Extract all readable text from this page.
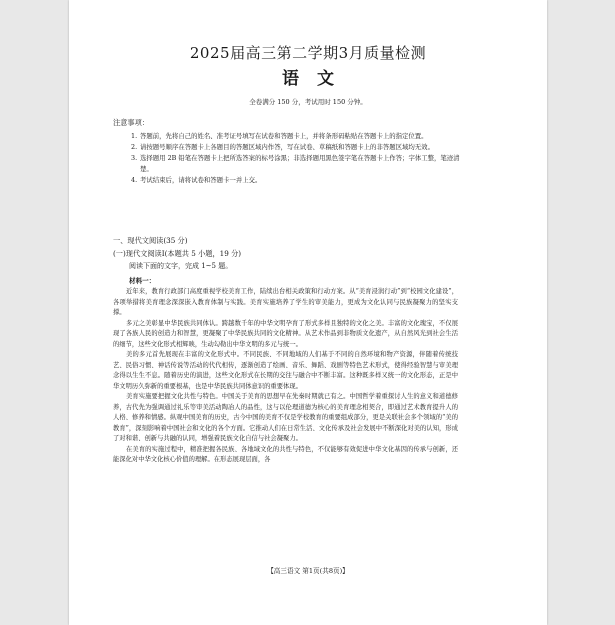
2025届高三第二学期3月质量检测
语文
全卷满分 150 分，考试用时 150 分钟。
注意事项：
1. 答题前，先将自己的姓名、准考证号填写在试卷和答题卡上，并将条形码粘贴在答题卡上的指定位置。
2. 请按题号顺序在答题卡上各题目的答题区域内作答，写在试卷、草稿纸和答题卡上的非答题区域均无效。
3. 选择题用 2B 铅笔在答题卡上把所选答案的标号涂黑；非选择题用黑色签字笔在答题卡上作答；字体工整，笔迹清楚。
4. 考试结束后，请将试卷和答题卡一并上交。
一、现代文阅读(35 分)
(一)现代文阅读Ⅰ(本题共 5 小题，19 分)
阅读下面的文字，完成 1~5 题。
材料一：

近年来，教育行政部门高度重视学校美育工作，陆续出台相关政策和行动方案。从“美育浸润行动”到“校园文化建设”，各项举措将美育理念深深嵌入教育体制与实践。美育实施培养了学生的审美能力，更成为文化认同与民族凝聚力的坚实支撑。

多元之美彰显中华民族共同体认。跨越数千年的中华文明孕育了形式多样且独特的文化之美。丰富的文化瑰宝，不仅展现了各族人民的创造力和智慧，更凝聚了中华民族共同的文化精神。从艺术作品到非物质文化遗产，从自然风光到社会生活的细节，这些文化形式相辉映，生动勾勒出中华文明的多元与统一。

美的多元首先展现在丰富的文化形式中。不同民族、不同地域的人们基于不同的自然环境和物产资源，伴随着传统技艺、民俗习惯、神话传说等活动的代代相传，逐渐创造了绘画、音乐、舞蹈、戏剧等特色艺术形式，使得经验智慧与审美理念得以生生不息。随着历史的演进，这些文化形式在长期的交往与融合中不断丰富。这种既多样又统一的文化形态，正是中华文明历久弥新的重要根基，也是中华民族共同体意识的重要体现。

美育实施要把握文化共性与特色。中国关于美育的思想早在先秦时期就已有之。中国哲学着重探讨人生的意义和道德修养，古代先为强调通过礼乐等审美活动陶冶人的品性，这与以伦理道德为核心的美育理念相契合，即通过艺术教育提升人的人格、修养和情感。纵观中国美育的历史，古今中国的美育不仅是学校教育的重要组成部分，更是关联社会多个领域的“美的教育”，深刻影响着中国社会和文化的各个方面。它推动人们在日常生活、文化传承及社会发展中不断深化对美的认知，形成了对和谐、创新与共融的认同，增强着民族文化自信与社会凝聚力。

在美育的实施过程中，精准把握各民族、各地域文化的共性与特色，不仅能够有效促进中华文化基因的传承与创新，还能深化对中华文化核心价值的理解。在形态展现层面，各

【高三语文 第1页(共8页)】
